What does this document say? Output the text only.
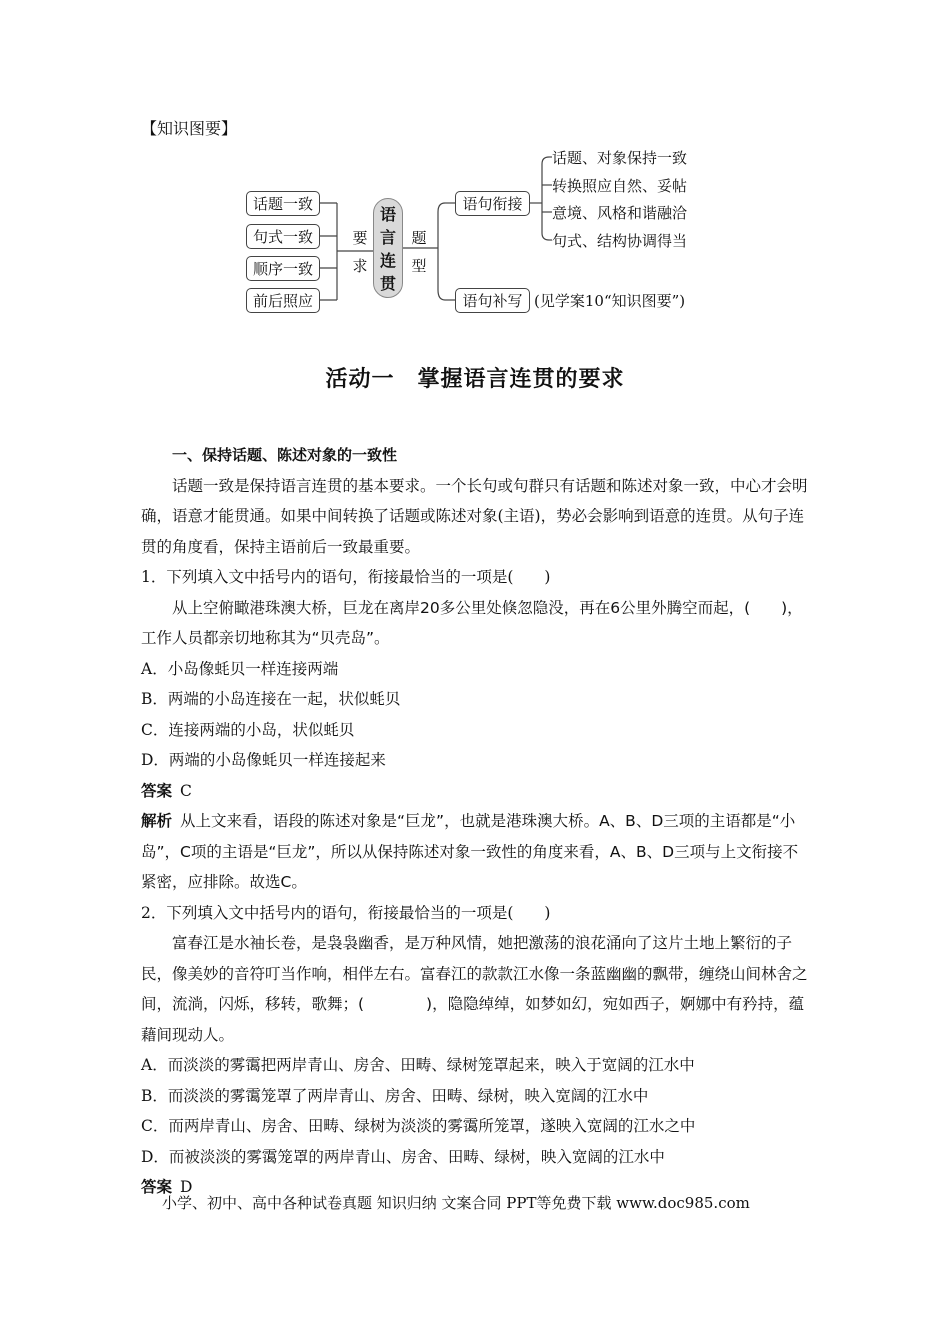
【知识图要】
话题一致
句式一致
顺序一致
前后照应
要
求
语
言
连
贯
题
型
语句衔接
话题、对象保持一致
转换照应自然、妥帖
意境、风格和谐融洽
句式、结构协调得当
语句补写 (见学案10“知识图要”)
活动一　掌握语言连贯的要求

一、保持话题、陈述对象的一致性

话题一致是保持语言连贯的基本要求。一个长句或句群只有话题和陈述对象一致，中心才会明确，语意才能贯通。如果中间转换了话题或陈述对象(主语)，势必会影响到语意的连贯。从句子连贯的角度看，保持主语前后一致最重要。

1．下列填入文中括号内的语句，衔接最恰当的一项是(　　)

从上空俯瞰港珠澳大桥，巨龙在离岸20多公里处倏忽隐没，再在6公里外腾空而起，(　　)，工作人员都亲切地称其为“贝壳岛”。

A．小岛像蚝贝一样连接两端

B．两端的小岛连接在一起，状似蚝贝

C．连接两端的小岛，状似蚝贝

D．两端的小岛像蚝贝一样连接起来

答案 C

解析 从上文来看，语段的陈述对象是“巨龙”，也就是港珠澳大桥。A、B、D三项的主语都是“小岛”，C项的主语是“巨龙”，所以从保持陈述对象一致性的角度来看，A、B、D三项与上文衔接不紧密，应排除。故选C。

2．下列填入文中括号内的语句，衔接最恰当的一项是(　　)

富春江是水袖长卷，是袅袅幽香，是万种风情，她把激荡的浪花涌向了这片土地上繁衍的子民，像美妙的音符叮当作响，相伴左右。富春江的款款江水像一条蓝幽幽的飘带，缠绕山间林舍之间，流淌，闪烁，移转，歌舞；(　　　　)，隐隐绰绰，如梦如幻，宛如西子，婀娜中有矜持，蕴藉间现动人。

A．而淡淡的雾霭把两岸青山、房舍、田畴、绿树笼罩起来，映入于宽阔的江水中

B．而淡淡的雾霭笼罩了两岸青山、房舍、田畴、绿树，映入宽阔的江水中

C．而两岸青山、房舍、田畴、绿树为淡淡的雾霭所笼罩，遂映入宽阔的江水之中

D．而被淡淡的雾霭笼罩的两岸青山、房舍、田畴、绿树，映入宽阔的江水中

答案 D

小学、初中、高中各种试卷真题 知识归纳 文案合同 PPT等免费下载 www.doc985.com
